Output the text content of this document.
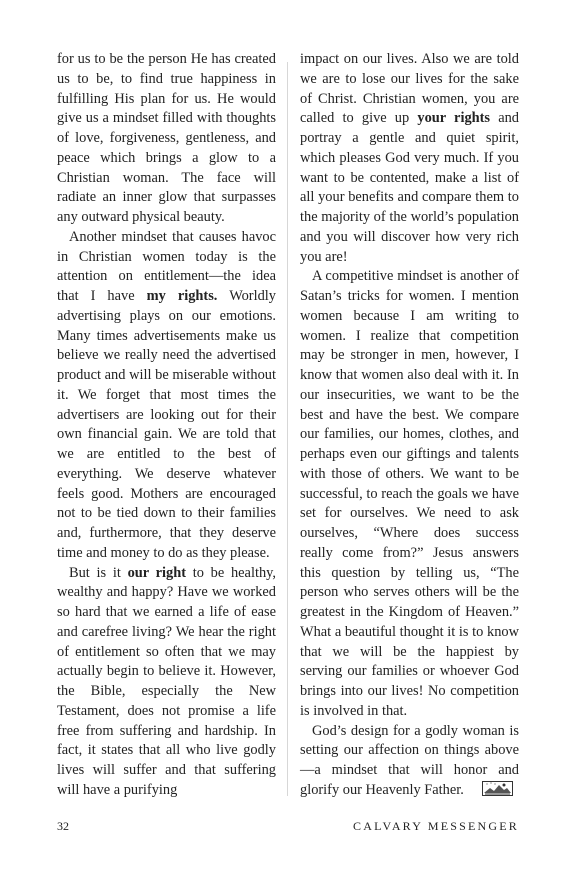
for us to be the person He has created us to be, to find true happiness in fulfilling His plan for us. He would give us a mindset filled with thoughts of love, forgiveness, gentleness, and peace which brings a glow to a Christian woman. The face will radiate an inner glow that surpasses any outward physical beauty.

Another mindset that causes havoc in Christian women today is the attention on entitlement—the idea that I have my rights. Worldly advertising plays on our emotions. Many times advertisements make us believe we really need the advertised product and will be miserable without it. We forget that most times the advertisers are looking out for their own financial gain. We are told that we are entitled to the best of everything. We deserve whatever feels good. Mothers are encouraged not to be tied down to their families and, furthermore, that they deserve time and money to do as they please.

But is it our right to be healthy, wealthy and happy? Have we worked so hard that we earned a life of ease and carefree living? We hear the right of entitlement so often that we may actually begin to believe it. However, the Bible, especially the New Testament, does not promise a life free from suffering and hardship. In fact, it states that all who live godly lives will suffer and that suffering will have a purifying

impact on our lives. Also we are told we are to lose our lives for the sake of Christ. Christian women, you are called to give up your rights and portray a gentle and quiet spirit, which pleases God very much. If you want to be contented, make a list of all your benefits and compare them to the majority of the world’s population and you will discover how very rich you are!

A competitive mindset is another of Satan’s tricks for women. I mention women because I am writing to women. I realize that competition may be stronger in men, however, I know that women also deal with it. In our insecurities, we want to be the best and have the best. We compare our families, our homes, clothes, and perhaps even our giftings and talents with those of others. We want to be successful, to reach the goals we have set for ourselves. We need to ask ourselves, “Where does success really come from?” Jesus answers this question by telling us, “The person who serves others will be the greatest in the Kingdom of Heaven.” What a beautiful thought it is to know that we will be the happiest by serving our families or whoever God brings into our lives! No competition is involved in that.

God’s design for a godly woman is setting our affection on things above—a mindset that will honor and glorify our Heavenly Father.

32	CALVARY MESSENGER
